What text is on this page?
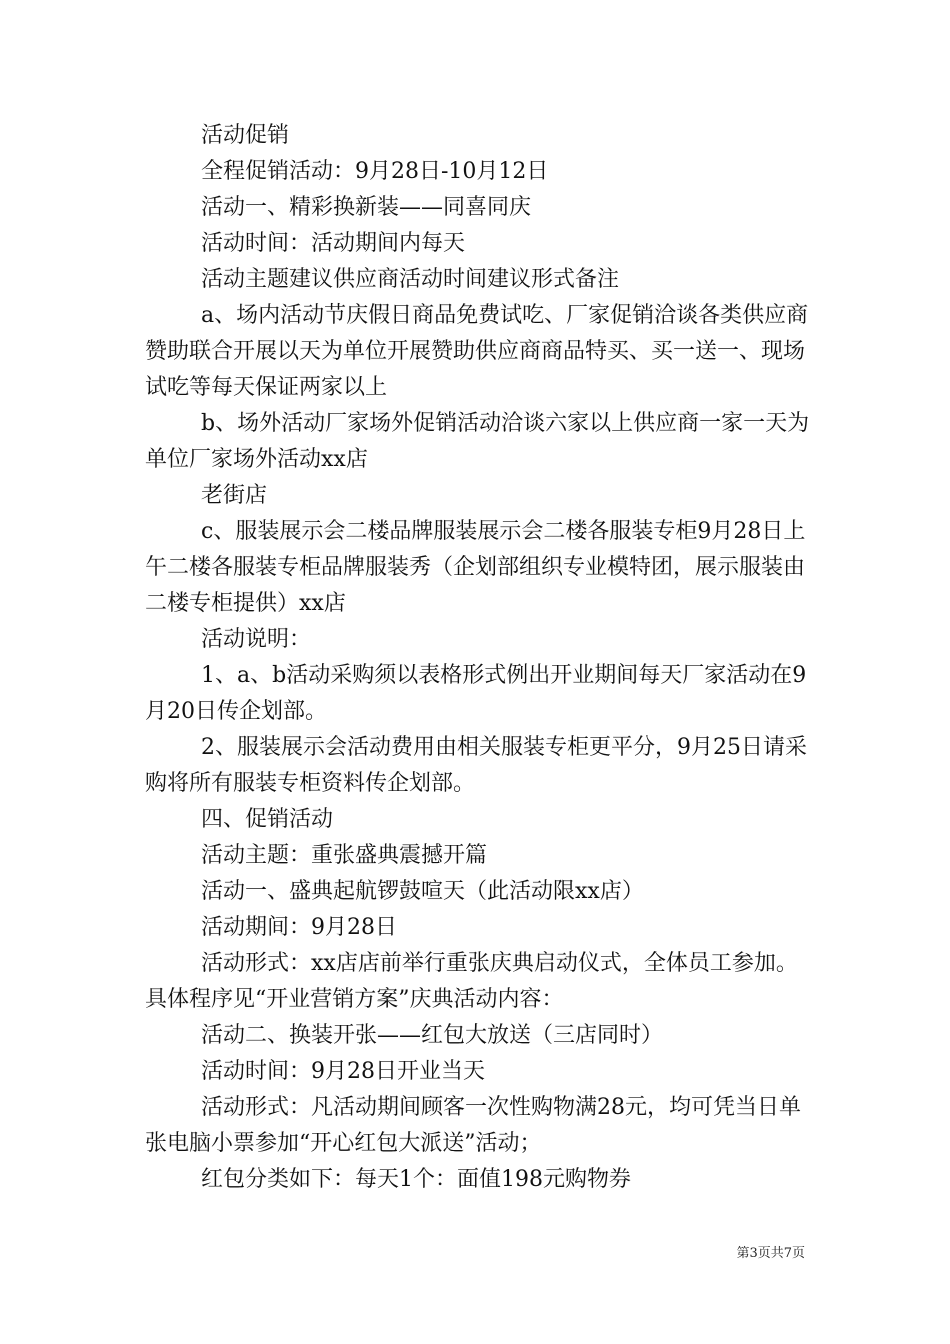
活动促销

全程促销活动：9月28日-10月12日

活动一、精彩换新装——同喜同庆

活动时间：活动期间内每天

活动主题建议供应商活动时间建议形式备注

a、场内活动节庆假日商品免费试吃、厂家促销洽谈各类供应商赞助联合开展以天为单位开展赞助供应商商品特买、买一送一、现场试吃等每天保证两家以上

b、场外活动厂家场外促销活动洽谈六家以上供应商一家一天为单位厂家场外活动xx店

老街店

c、服装展示会二楼品牌服装展示会二楼各服装专柜9月28日上午二楼各服装专柜品牌服装秀（企划部组织专业模特团，展示服装由二楼专柜提供）xx店

活动说明：

1、a、b活动采购须以表格形式例出开业期间每天厂家活动在9月20日传企划部。

2、服装展示会活动费用由相关服装专柜更平分，9月25日请采购将所有服装专柜资料传企划部。

四、促销活动

活动主题：重张盛典震撼开篇

活动一、盛典起航锣鼓喧天（此活动限xx店）

活动期间：9月28日

活动形式：xx店店前举行重张庆典启动仪式，全体员工参加。具体程序见“开业营销方案”庆典活动内容：

活动二、换装开张——红包大放送（三店同时）

活动时间：9月28日开业当天

活动形式：凡活动期间顾客一次性购物满28元，均可凭当日单张电脑小票参加“开心红包大派送”活动；

红包分类如下：每天1个：面值198元购物券

第3页共7页
